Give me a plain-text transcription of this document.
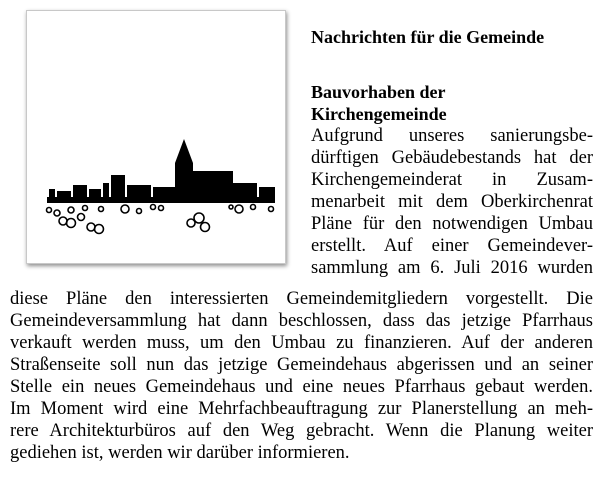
Nachrichten für die Gemeinde
Bauvorhaben der
Kirchengemeinde
Aufgrund unseres sanierungsbe-
dürftigen Gebäudebestands hat der
Kirchengemeinderat in Zusam-
menarbeit mit dem Oberkirchenrat
Pläne für den notwendigen Umbau
erstellt. Auf einer Gemeindever-
sammlung am 6. Juli 2016 wurden
diese Pläne den interessierten Gemeindemitgliedern vorgestellt. Die
Gemeindeversammlung hat dann beschlossen, dass das jetzige Pfarrhaus
verkauft werden muss, um den Umbau zu finanzieren. Auf der anderen
Straßenseite soll nun das jetzige Gemeindehaus abgerissen und an seiner
Stelle ein neues Gemeindehaus und eine neues Pfarrhaus gebaut werden.
Im Moment wird eine Mehrfachbeauftragung zur Planerstellung an meh-
rere Architekturbüros auf den Weg gebracht. Wenn die Planung weiter
gediehen ist, werden wir darüber informieren.
